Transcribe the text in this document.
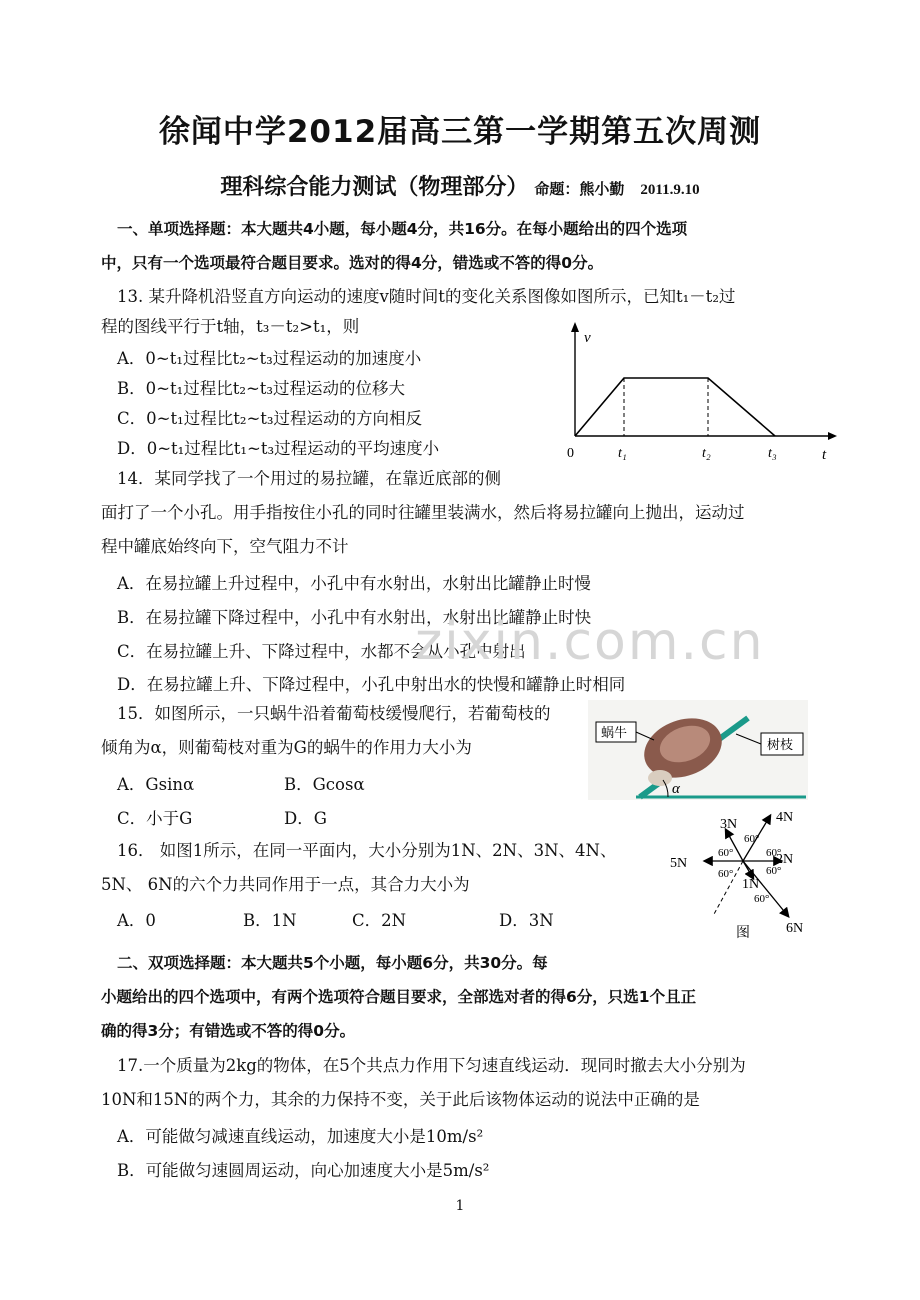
徐闻中学2012届高三第一学期第五次周测
理科综合能力测试（物理部分） 命题：熊小勤 2011.9.10
一、单项选择题：本大题共4小题，每小题4分，共16分。在每小题给出的四个选项
中，只有一个选项最符合题目要求。选对的得4分，错选或不答的得0分。
13. 某升降机沿竖直方向运动的速度v随时间t的变化关系图像如图所示，已知t₁－t₂过
程的图线平行于t轴，t₃－t₂>t₁，则
A．0~t₁过程比t₂~t₃过程运动的加速度小
B．0~t₁过程比t₂~t₃过程运动的位移大
C．0~t₁过程比t₂~t₃过程运动的方向相反
D．0~t₁过程比t₁~t₃过程运动的平均速度小
v
t
0	t₁	t₂	t₃
14．某同学找了一个用过的易拉罐，在靠近底部的侧
面打了一个小孔。用手指按住小孔的同时往罐里装满水，然后将易拉罐向上抛出，运动过
程中罐底始终向下，空气阻力不计
A．在易拉罐上升过程中，小孔中有水射出，水射出比罐静止时慢
B．在易拉罐下降过程中，小孔中有水射出，水射出比罐静止时快
C．在易拉罐上升、下降过程中，水都不会从小孔中射出
D．在易拉罐上升、下降过程中，小孔中射出水的快慢和罐静止时相同
zixin.com.cn
15．如图所示，一只蜗牛沿着葡萄枝缓慢爬行，若葡萄枝的
倾角为α，则葡萄枝对重为G的蜗牛的作用力大小为
A．Gsinα	B．Gcosα
C．小于G	D．G
蜗牛
树枝
α
16． 如图1所示，在同一平面内，大小分别为1N、2N、3N、4N、
5N、 6N的六个力共同作用于一点，其合力大小为
A．0	B．1N	C．2N	D．3N
3N	4N
5N	2N
1N
6N
60°
60°	60°
60°	60°
60°
图
二、双项选择题：本大题共5个小题，每小题6分，共30分。每
小题给出的四个选项中，有两个选项符合题目要求，全部选对者的得6分，只选1个且正
确的得3分；有错选或不答的得0分。
17.一个质量为2kg的物体，在5个共点力作用下匀速直线运动．现同时撤去大小分别为
10N和15N的两个力，其余的力保持不变，关于此后该物体运动的说法中正确的是
A．可能做匀减速直线运动，加速度大小是10m/s²
B．可能做匀速圆周运动，向心加速度大小是5m/s²
1
